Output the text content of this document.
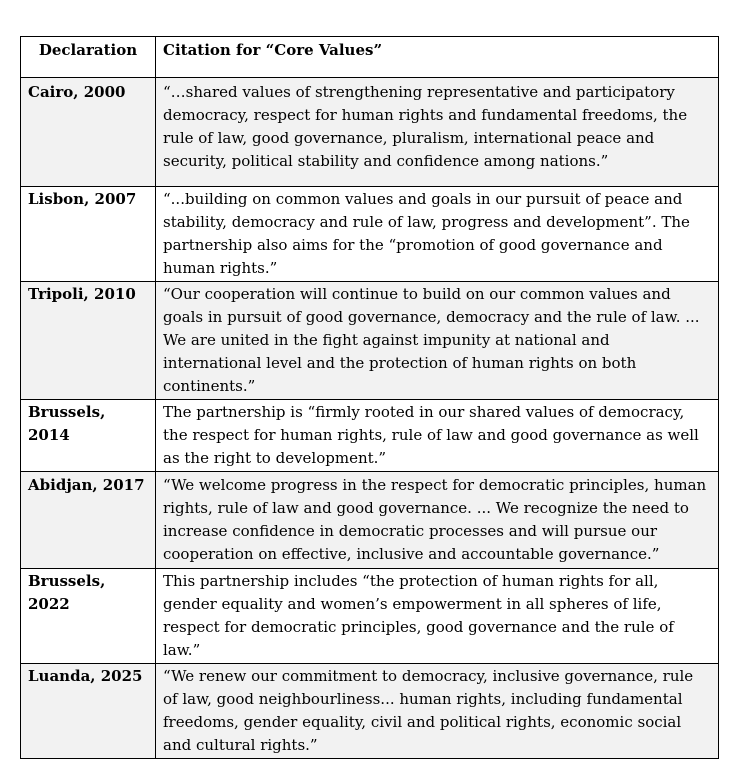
Declaration	Citation for “Core Values”
Cairo, 2000	“…shared values of strengthening representative and participatory democracy, respect for human rights and fundamental freedoms, the rule of law, good governance, pluralism, international peace and security, political stability and confidence among nations.”
Lisbon, 2007	“...building on common values and goals in our pursuit of peace and stability, democracy and rule of law, progress and development”. The partnership also aims for the “promotion of good governance and human rights.”
Tripoli, 2010	“Our cooperation will continue to build on our common values and goals in pursuit of good governance, democracy and the rule of law. ... We are united in the fight against impunity at national and international level and the protection of human rights on both continents.”
Brussels, 2014	The partnership is “firmly rooted in our shared values of democracy, the respect for human rights, rule of law and good governance as well as the right to development.”
Abidjan, 2017	“We welcome progress in the respect for democratic principles, human rights, rule of law and good governance. ... We recognize the need to increase confidence in democratic processes and will pursue our cooperation on effective, inclusive and accountable governance.”
Brussels, 2022	This partnership includes “the protection of human rights for all, gender equality and women’s empowerment in all spheres of life, respect for democratic principles, good governance and the rule of law.”
Luanda, 2025	“We renew our commitment to democracy, inclusive governance, rule of law, good neighbourliness... human rights, including fundamental freedoms, gender equality, civil and political rights, economic social and cultural rights.”
